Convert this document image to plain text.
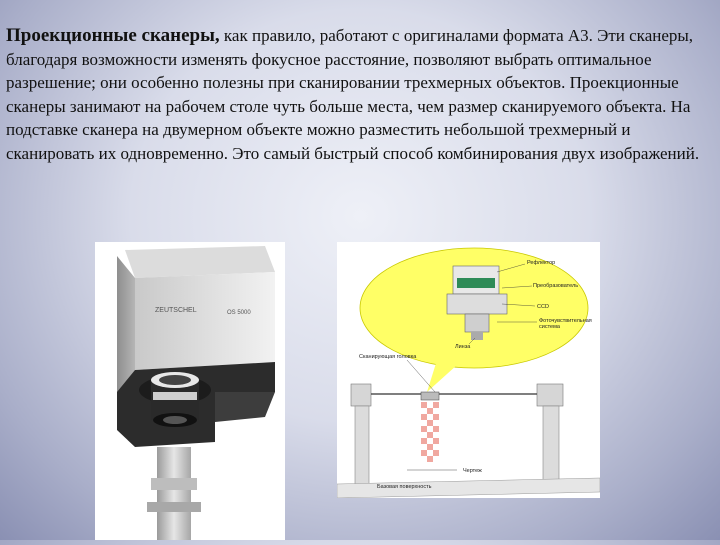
Проекционные сканеры, как правило, работают с оригиналами формата А3. Эти сканеры, благодаря возможности изменять фокусное расстояние, позволяют выбрать оптимальное разрешение; они особенно полезны при сканировании трехмерных объектов. Проекционные сканеры занимают на рабочем столе чуть больше места, чем размер сканируемого объекта. На подставке сканера на двумерном объекте можно разместить небольшой трехмерный и сканировать их одновременно. Это самый быстрый способ комбинирования двух изображений.
ZEUTSCHEL	OS 5000
Рефлектор
Преобразователь
CCD
Фоточувствительная
система
Линза
Сканирующая головка
Чертеж
Базовая поверхность
